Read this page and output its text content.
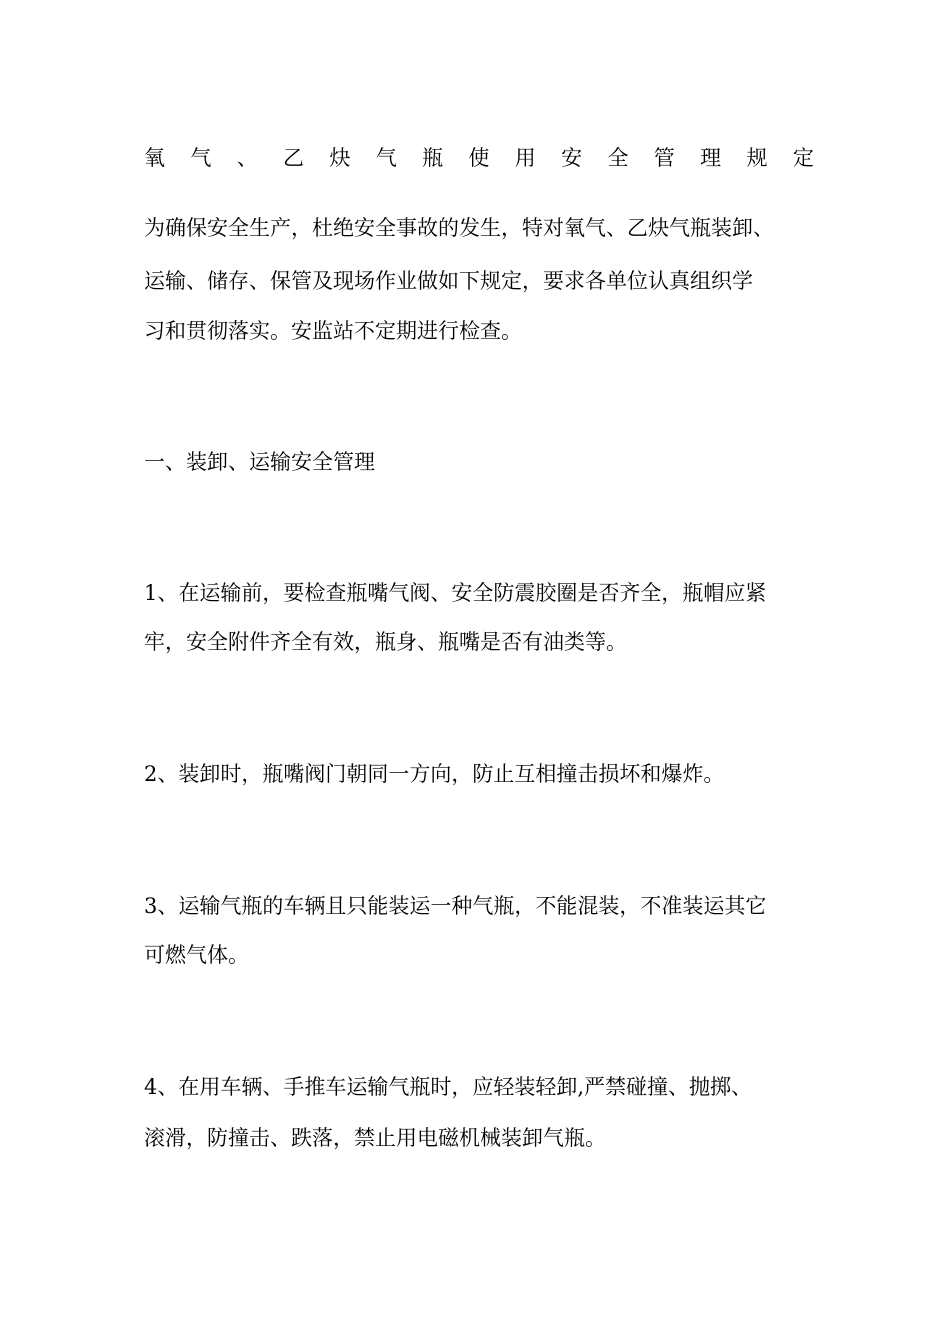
氧 气 、 乙 炔 气 瓶 使 用 安 全 管 理 规 定
为确保安全生产，杜绝安全事故的发生，特对氧气、乙炔气瓶装卸、
运输、储存、保管及现场作业做如下规定，要求各单位认真组织学
习和贯彻落实。安监站不定期进行检查。
一、装卸、运输安全管理
1、在运输前，要检查瓶嘴气阀、安全防震胶圈是否齐全，瓶帽应紧
牢，安全附件齐全有效，瓶身、瓶嘴是否有油类等。
2、装卸时，瓶嘴阀门朝同一方向，防止互相撞击损坏和爆炸。
3、运输气瓶的车辆且只能装运一种气瓶，不能混装，不准装运其它
可燃气体。
4、在用车辆、手推车运输气瓶时，应轻装轻卸,严禁碰撞、抛掷、
滚滑，防撞击、跌落，禁止用电磁机械装卸气瓶。
